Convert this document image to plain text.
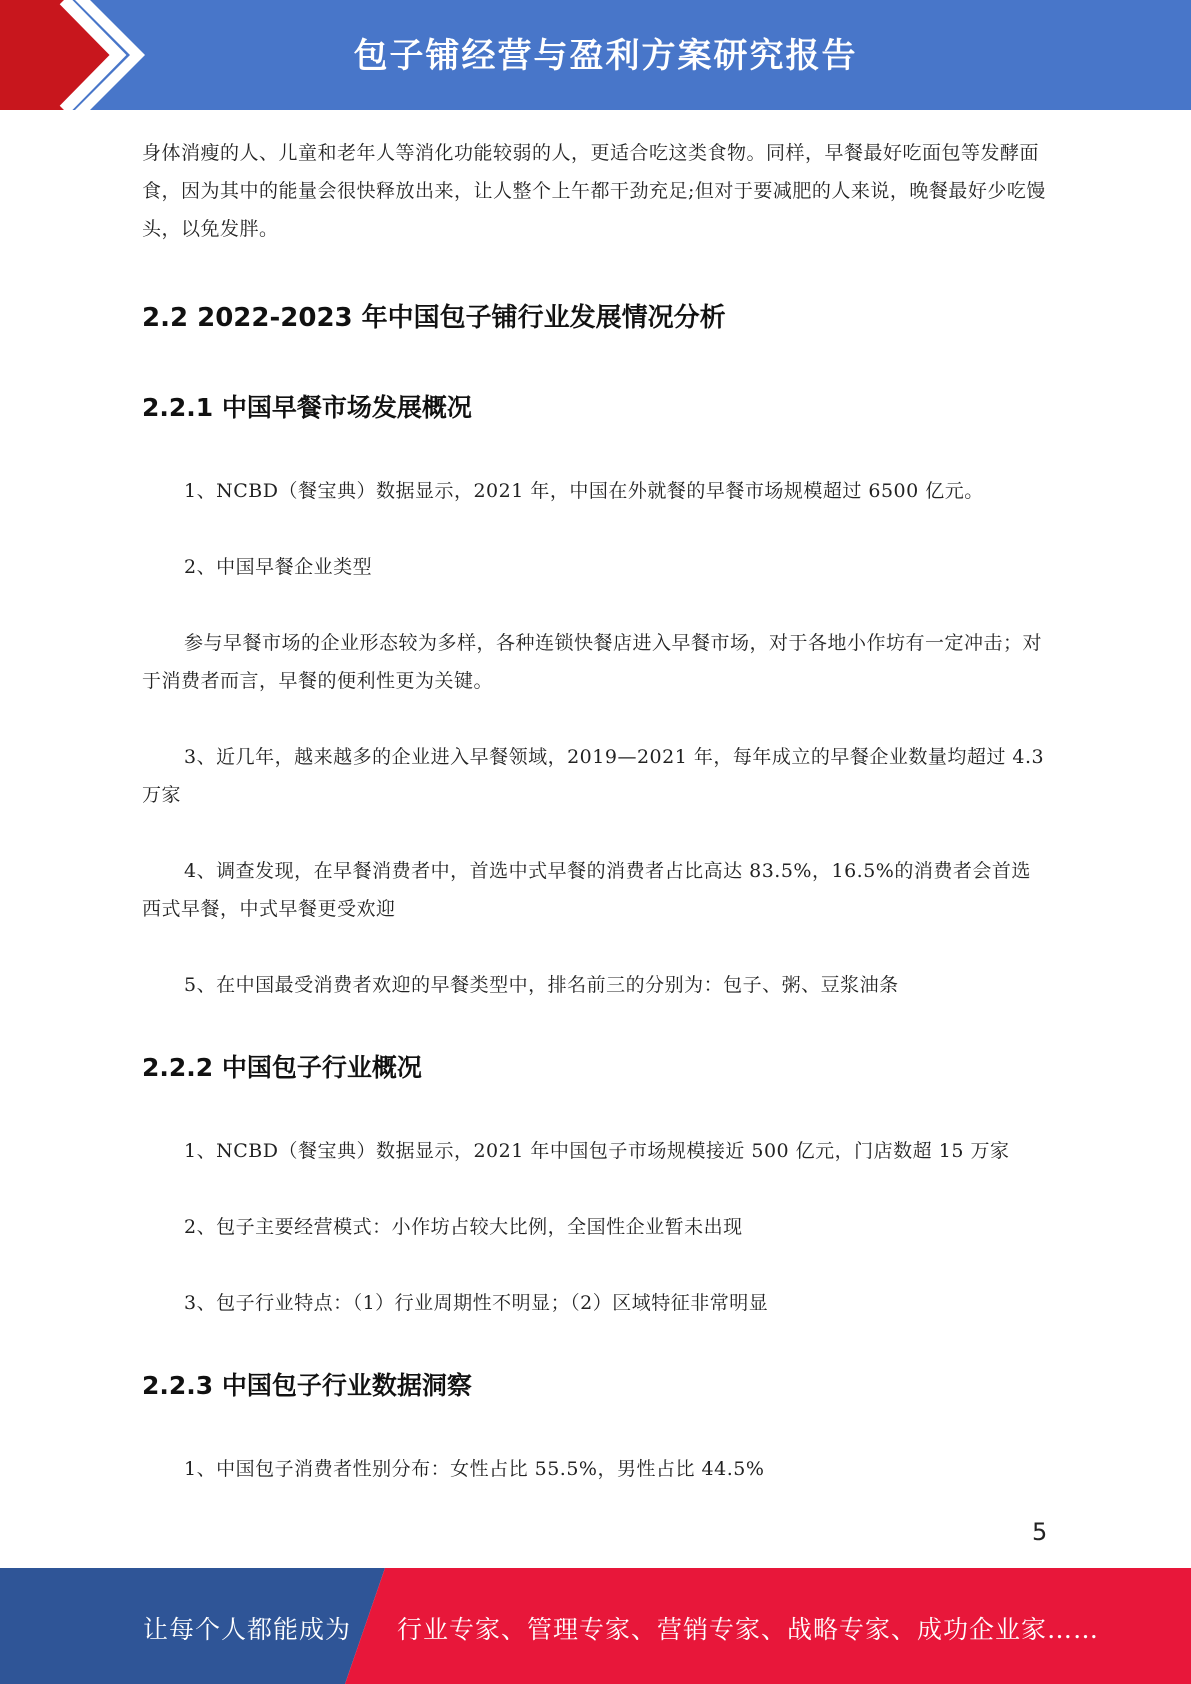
包子铺经营与盈利方案研究报告

身体消瘦的人、儿童和老年人等消化功能较弱的人，更适合吃这类食物。同样，早餐最好吃面包等发酵面食，因为其中的能量会很快释放出来，让人整个上午都干劲充足;但对于要减肥的人来说，晚餐最好少吃馒头，以免发胖。

2.2 2022-2023 年中国包子铺行业发展情况分析
2.2.1 中国早餐市场发展概况

1、NCBD（餐宝典）数据显示，2021 年，中国在外就餐的早餐市场规模超过 6500 亿元。

2、中国早餐企业类型

参与早餐市场的企业形态较为多样，各种连锁快餐店进入早餐市场，对于各地小作坊有一定冲击；对于消费者而言，早餐的便利性更为关键。

3、近几年，越来越多的企业进入早餐领域，2019—2021 年，每年成立的早餐企业数量均超过 4.3 万家

4、调查发现，在早餐消费者中，首选中式早餐的消费者占比高达 83.5%，16.5%的消费者会首选西式早餐，中式早餐更受欢迎

5、在中国最受消费者欢迎的早餐类型中，排名前三的分别为：包子、粥、豆浆油条

2.2.2 中国包子行业概况

1、NCBD（餐宝典）数据显示，2021 年中国包子市场规模接近 500 亿元，门店数超 15 万家

2、包子主要经营模式：小作坊占较大比例，全国性企业暂未出现

3、包子行业特点：（1）行业周期性不明显；（2）区域特征非常明显

2.2.3 中国包子行业数据洞察

1、中国包子消费者性别分布：女性占比 55.5%，男性占比 44.5%

5
让每个人都能成为 行业专家、管理专家、营销专家、战略专家、成功企业家……
